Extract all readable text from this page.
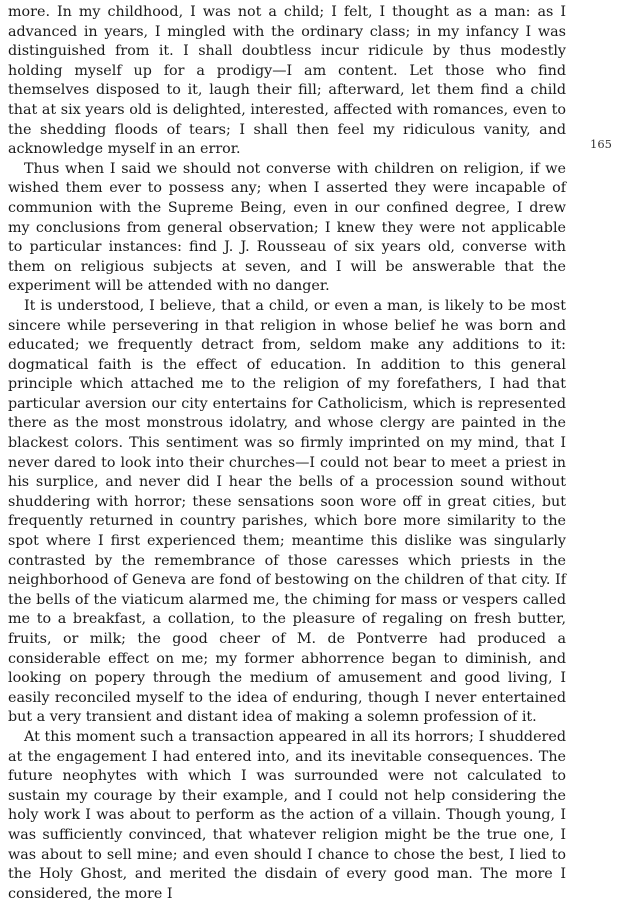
more. In my childhood, I was not a child; I felt, I thought as a man: as I advanced in years, I mingled with the ordinary class; in my infancy I was distinguished from it. I shall doubtless incur ridicule by thus modestly holding myself up for a prodigy—I am content. Let those who find themselves disposed to it, laugh their fill; afterward, let them find a child that at six years old is delighted, interested, affected with romances, even to the shedding floods of tears; I shall then feel my ridiculous vanity, and acknowledge myself in an error.

Thus when I said we should not converse with children on religion, if we wished them ever to possess any; when I asserted they were incapable of communion with the Supreme Being, even in our confined degree, I drew my conclusions from general observation; I knew they were not applicable to particular instances: find J. J. Rousseau of six years old, converse with them on religious subjects at seven, and I will be answerable that the experiment will be attended with no danger.

It is understood, I believe, that a child, or even a man, is likely to be most sincere while persevering in that religion in whose belief he was born and educated; we frequently detract from, seldom make any additions to it: dogmatical faith is the effect of education. In addition to this general principle which attached me to the religion of my forefathers, I had that particular aversion our city entertains for Catholicism, which is represented there as the most monstrous idolatry, and whose clergy are painted in the blackest colors. This sentiment was so firmly imprinted on my mind, that I never dared to look into their churches—I could not bear to meet a priest in his surplice, and never did I hear the bells of a procession sound without shuddering with horror; these sensations soon wore off in great cities, but frequently returned in country parishes, which bore more similarity to the spot where I first experienced them; meantime this dislike was singularly contrasted by the remembrance of those caresses which priests in the neighborhood of Geneva are fond of bestowing on the children of that city. If the bells of the viaticum alarmed me, the chiming for mass or vespers called me to a breakfast, a collation, to the pleasure of regaling on fresh butter, fruits, or milk; the good cheer of M. de Pontverre had produced a considerable effect on me; my former abhorrence began to diminish, and looking on popery through the medium of amusement and good living, I easily reconciled myself to the idea of enduring, though I never entertained but a very transient and distant idea of making a solemn profession of it.

At this moment such a transaction appeared in all its horrors; I shuddered at the engagement I had entered into, and its inevitable consequences. The future neophytes with which I was surrounded were not calculated to sustain my courage by their example, and I could not help considering the holy work I was about to perform as the action of a villain. Though young, I was sufficiently convinced, that whatever religion might be the true one, I was about to sell mine; and even should I chance to chose the best, I lied to the Holy Ghost, and merited the disdain of every good man. The more I considered, the more I

165
